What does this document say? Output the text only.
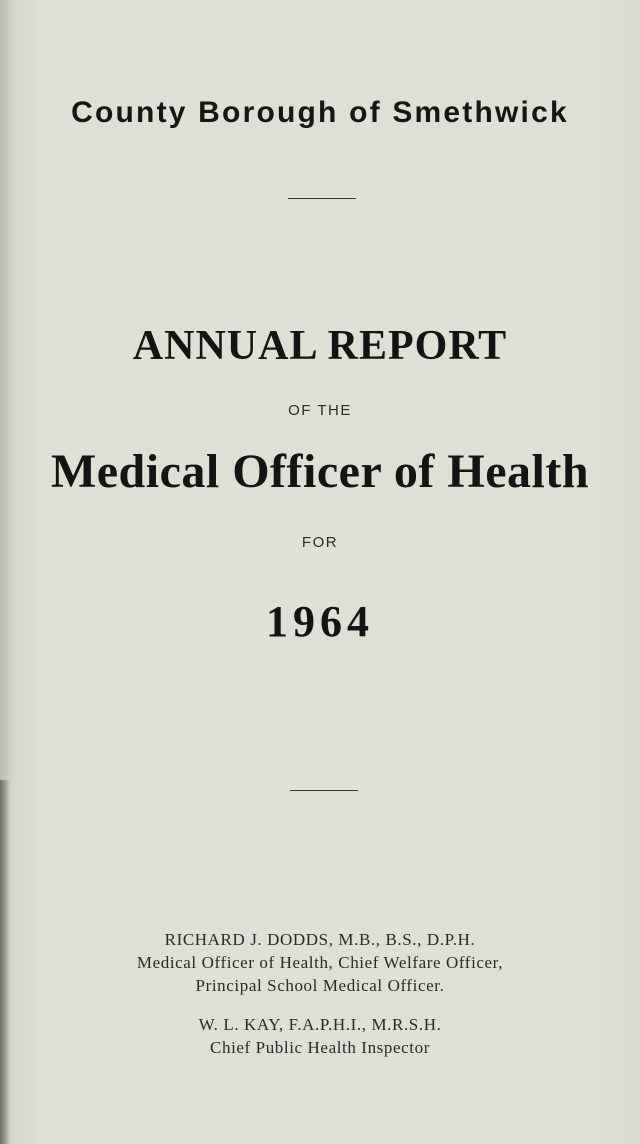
County Borough of Smethwick
ANNUAL REPORT
OF THE
Medical Officer of Health
FOR
1964
RICHARD J. DODDS, M.B., B.S., D.P.H.
Medical Officer of Health, Chief Welfare Officer,
Principal School Medical Officer.
W. L. KAY, F.A.P.H.I., M.R.S.H.
Chief Public Health Inspector
